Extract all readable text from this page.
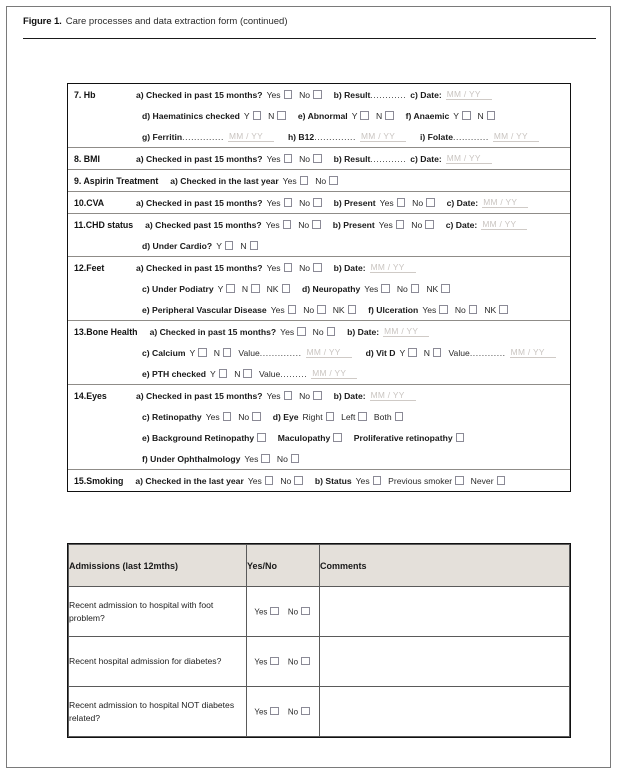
Figure 1. Care processes and data extraction form (continued)
7. Hb	a) Checked in past 15 months? Yes No	b) Result ............ c) Date: MM / YY
d) Haematinics checked Y N	e) Abnormal Y N	f) Anaemic Y N
g) Ferritin .............. MM / YY	h) B12 .............. MM / YY	i) Folate ............ MM / YY
8. BMI	a) Checked in past 15 months? Yes No	b) Result ............ c) Date: MM / YY
9. Aspirin Treatment a) Checked in the last year Yes No
10.CVA	a) Checked in past 15 months? Yes No	b) Present Yes No	c) Date: MM / YY
11.CHD status a) Checked past 15 months? Yes No	b) Present Yes No	c) Date: MM / YY
d) Under Cardio? Y N
12.Feet	a) Checked in past 15 months? Yes No	b) Date: MM / YY
c) Under Podiatry Y N NK	d) Neuropathy Yes No NK
e) Peripheral Vascular Disease Yes No NK	f) Ulceration Yes No NK
13.Bone Health a) Checked in past 15 months? Yes No	b) Date: MM / YY
c) Calcium Y N Value .............. MM / YY	d) Vit D Y N Value ............ MM / YY
e) PTH checked Y N Value ......... MM / YY
14.Eyes	a) Checked in past 15 months? Yes No	b) Date: MM / YY
c) Retinopathy Yes No	d) Eye Right Left Both
e) Background Retinopathy	Maculopathy	Proliferative retinopathy
f) Under Ophthalmology Yes No
15.Smoking a) Checked in the last year Yes No	b) Status Yes Previous smoker Never
Admissions (last 12mths)	Yes/No	Comments
Recent admission to hospital with foot problem?	Yes No	
Recent hospital admission for diabetes?	Yes No	
Recent admission to hospital NOT diabetes related?	Yes No	
